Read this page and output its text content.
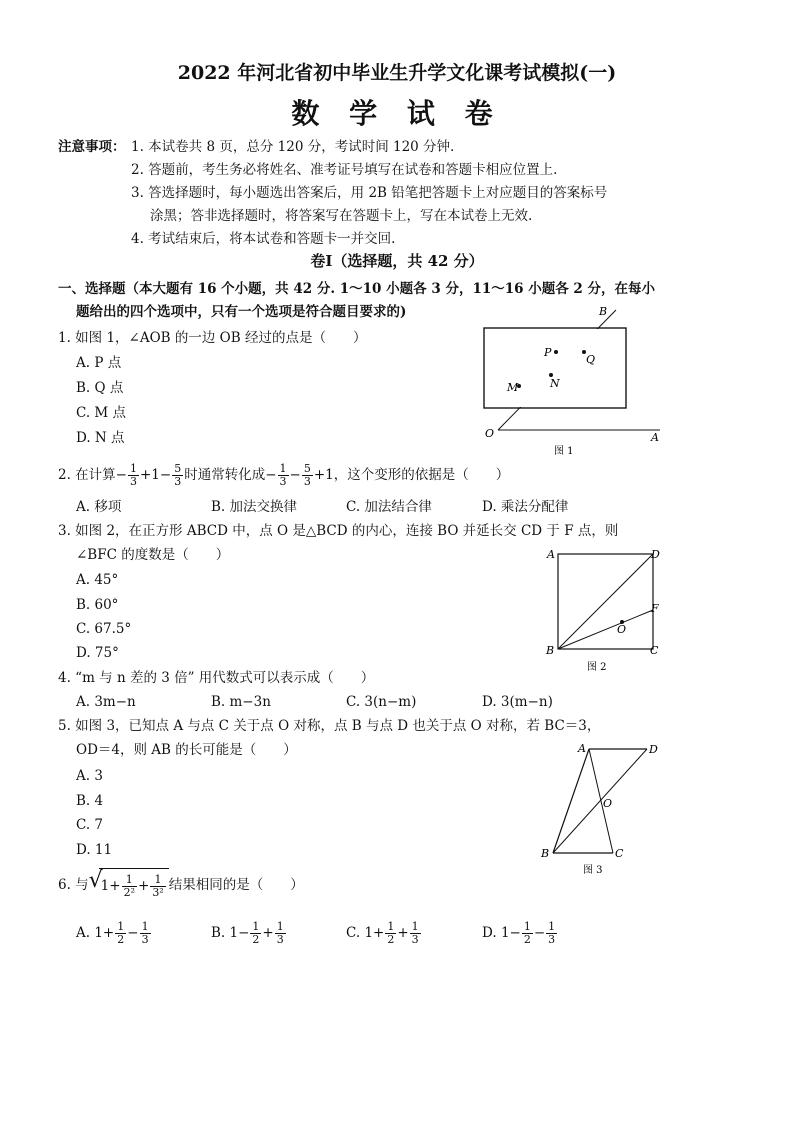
2022 年河北省初中毕业生升学文化课考试模拟(一)
数 学 试 卷
注意事项： 1. 本试卷共 8 页，总分 120 分，考试时间 120 分钟.
2. 答题前，考生务必将姓名、准考证号填写在试卷和答题卡相应位置上.
3. 答选择题时，每小题选出答案后，用 2B 铅笔把答题卡上对应题目的答案标号
涂黑；答非选择题时，将答案写在答题卡上，写在本试卷上无效.
4. 考试结束后，将本试卷和答题卡一并交回.
卷Ⅰ（选择题，共 42 分）
一、选择题（本大题有 16 个小题，共 42 分. 1～10 小题各 3 分，11～16 小题各 2 分，在每小
题给出的四个选项中，只有一个选项是符合题目要求的)
1. 如图 1，∠AOB 的一边 OB 经过的点是（　　）
A. P 点
B. Q 点
C. M 点
D. N 点
B
P
Q
N
M
O	A
图 1
2. 在计算− $\frac{1}{3} +1- \frac{5}{3}$ 时通常转化成− $\frac{1}{3} - \frac{5}{3} +1$，这个变形的依据是（　　）
A. 移项	B. 加法交换律	C. 加法结合律	D. 乘法分配律
3. 如图 2，在正方形 ABCD 中，点 O 是△BCD 的内心，连接 BO 并延长交 CD 于 F 点，则
∠BFC 的度数是（　　）
A. 45°
B. 60°
C. 67.5°
D. 75°
A	D
F
O
B	C
图 2
4. “m 与 n 差的 3 倍” 用代数式可以表示成（　　）
A. 3m−n	B. m−3n	C. 3(n−m)	D. 3(m−n)
5. 如图 3，已知点 A 与点 C 关于点 O 对称，点 B 与点 D 也关于点 O 对称，若 BC＝3，
OD＝4，则 AB 的长可能是（　　）
A. 3
B. 4
C. 7
D. 11
A	D
O
B	C
图 3
6. 与 √
$1+ \frac{1}{\text{2²}} + \frac{1}{\text{3²}}$ 结果相同的是（　　）
A. $1+ \frac{1}{2} - \frac{1}{3}$	B. $1- \frac{1}{2} + \frac{1}{3}$	C. $1+ \frac{1}{2} + \frac{1}{3}$	D. $1- \frac{1}{2} - \frac{1}{3}$
